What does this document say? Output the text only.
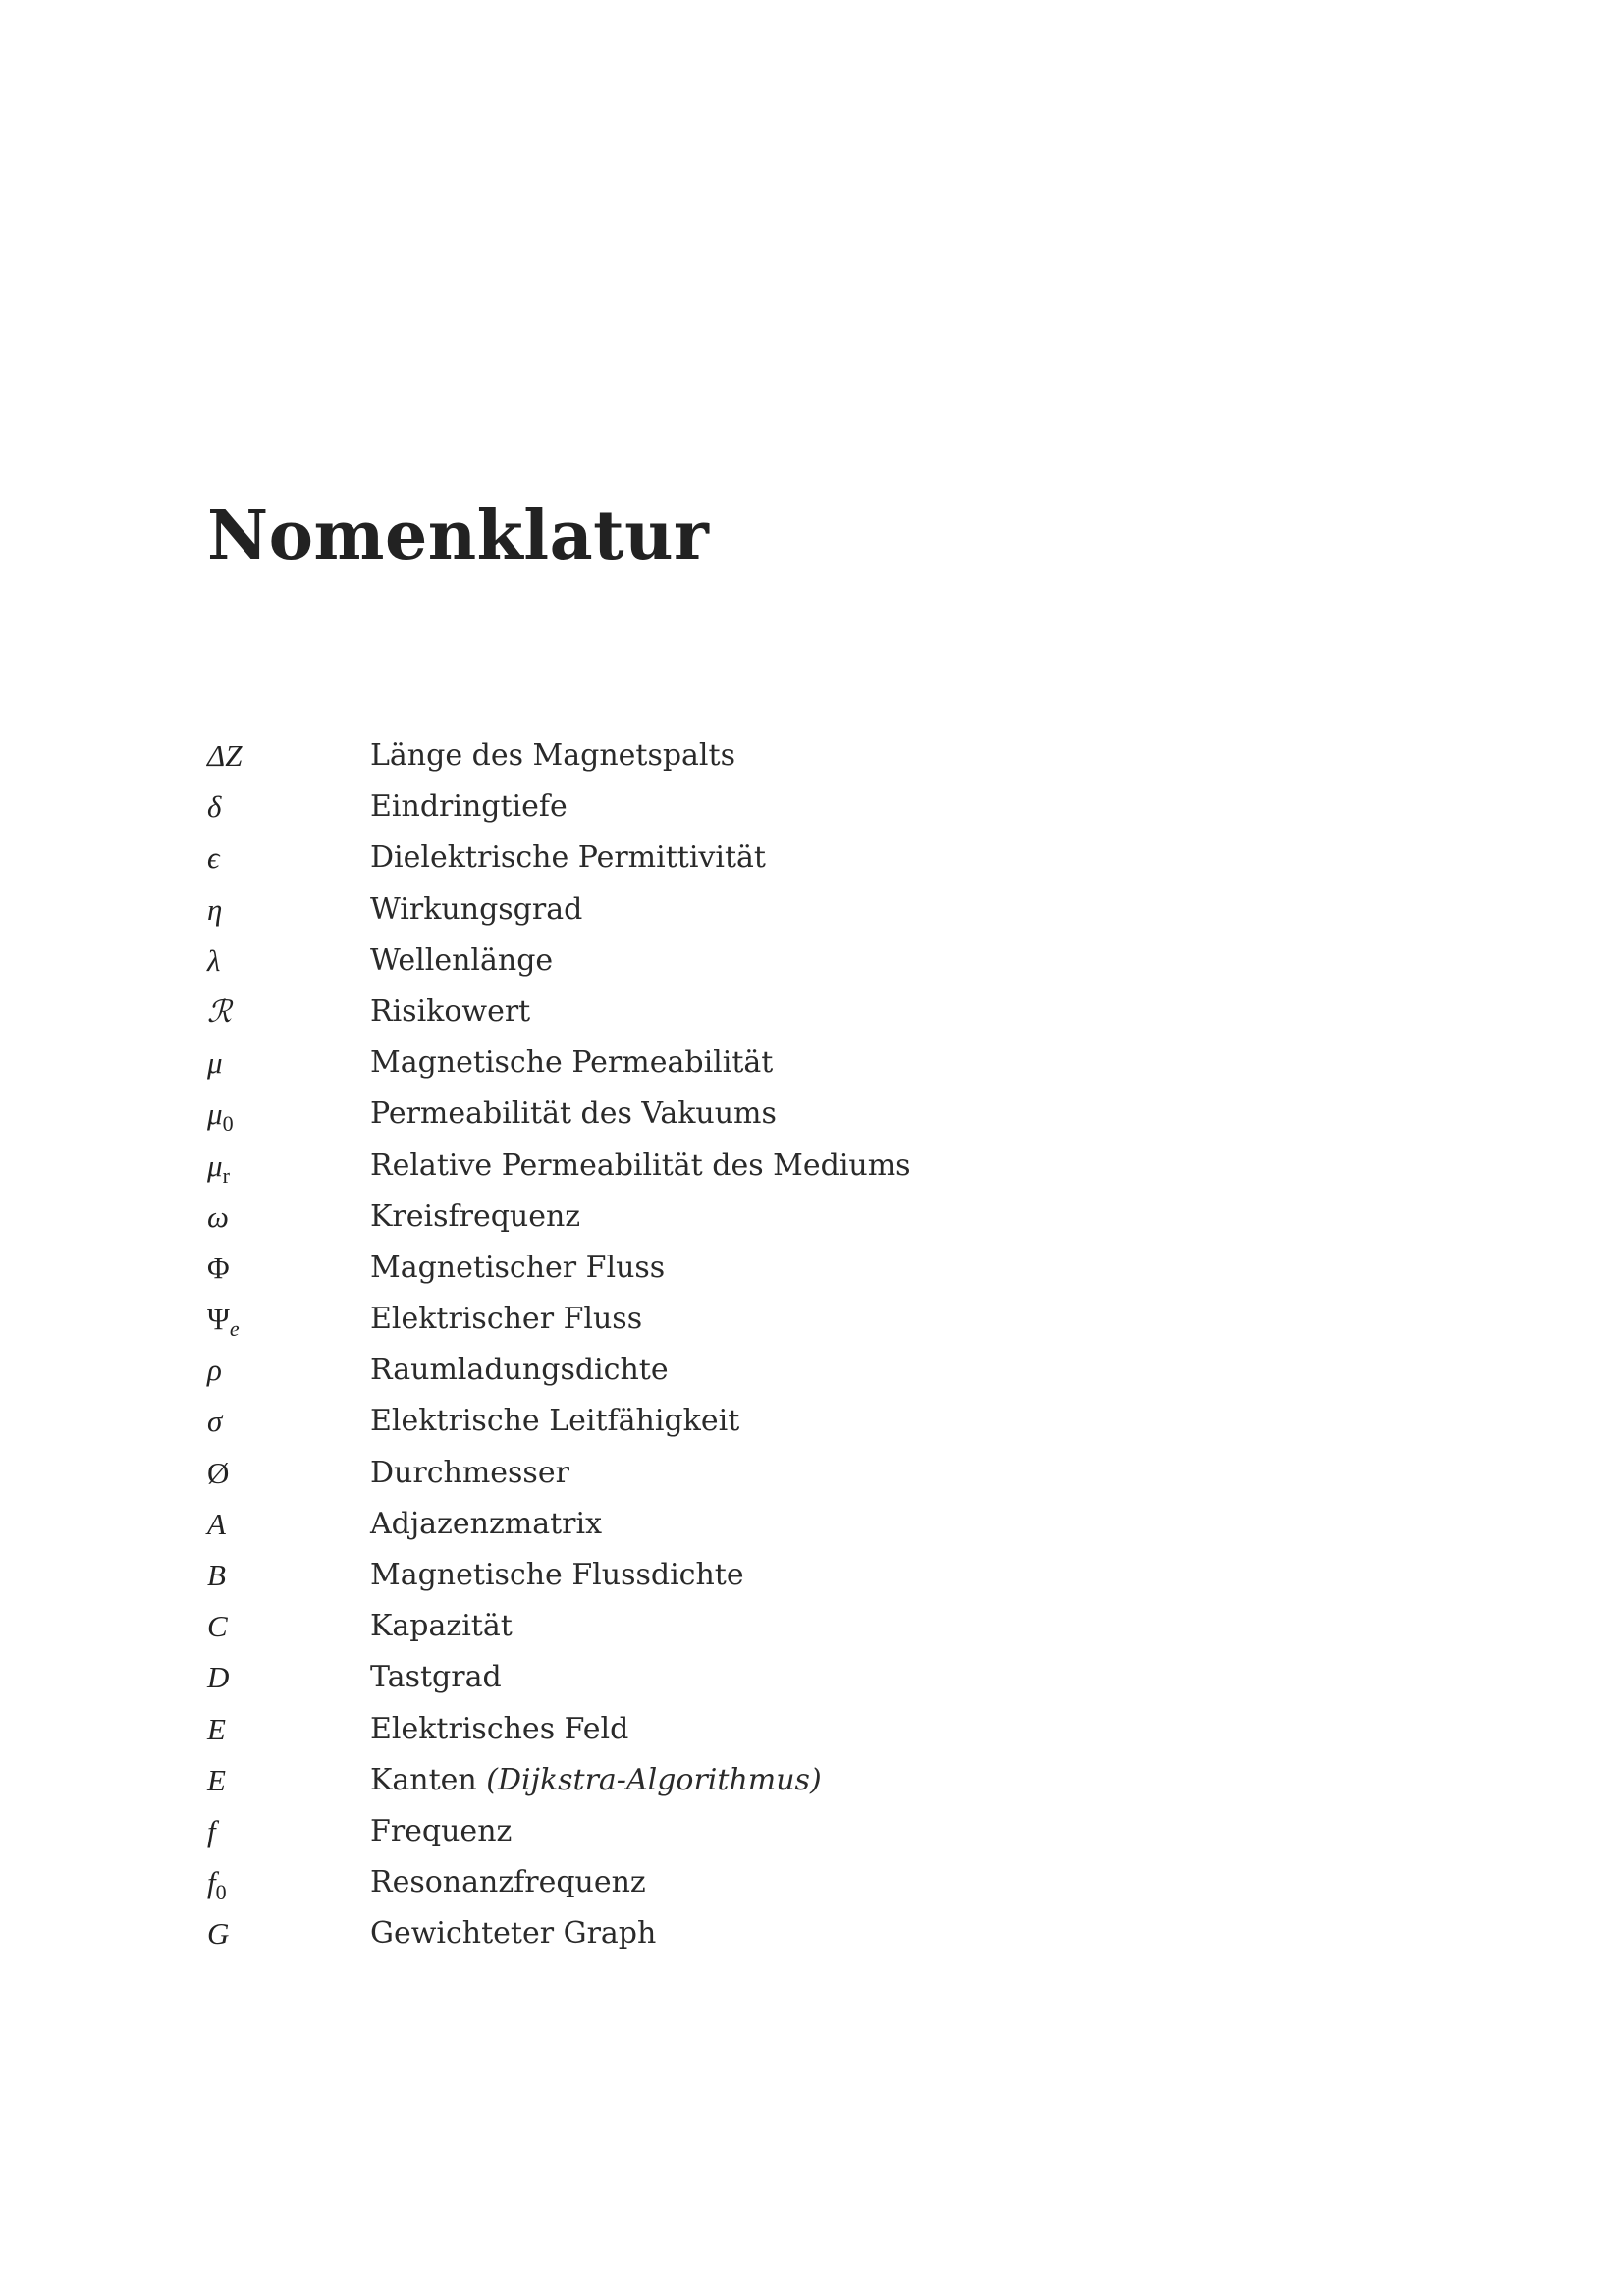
Nomenklatur
ΔZ	Länge des Magnetspalts
δ	Eindringtiefe
ϵ	Dielektrische Permittivität
η	Wirkungsgrad
λ	Wellenlänge
ℛ	Risikowert
μ	Magnetische Permeabilität
$\mu_0$	Permeabilität des Vakuums
$\mu_r$	Relative Permeabilität des Mediums
ω	Kreisfrequenz
Φ	Magnetischer Fluss
$\Psi_e$	Elektrischer Fluss
ρ	Raumladungsdichte
σ	Elektrische Leitfähigkeit
Ø	Durchmesser
A	Adjazenzmatrix
B	Magnetische Flussdichte
C	Kapazität
D	Tastgrad
E	Elektrisches Feld
E	Kanten (Dijkstra-Algorithmus)
f	Frequenz
$f_0$	Resonanzfrequenz
G	Gewichteter Graph
